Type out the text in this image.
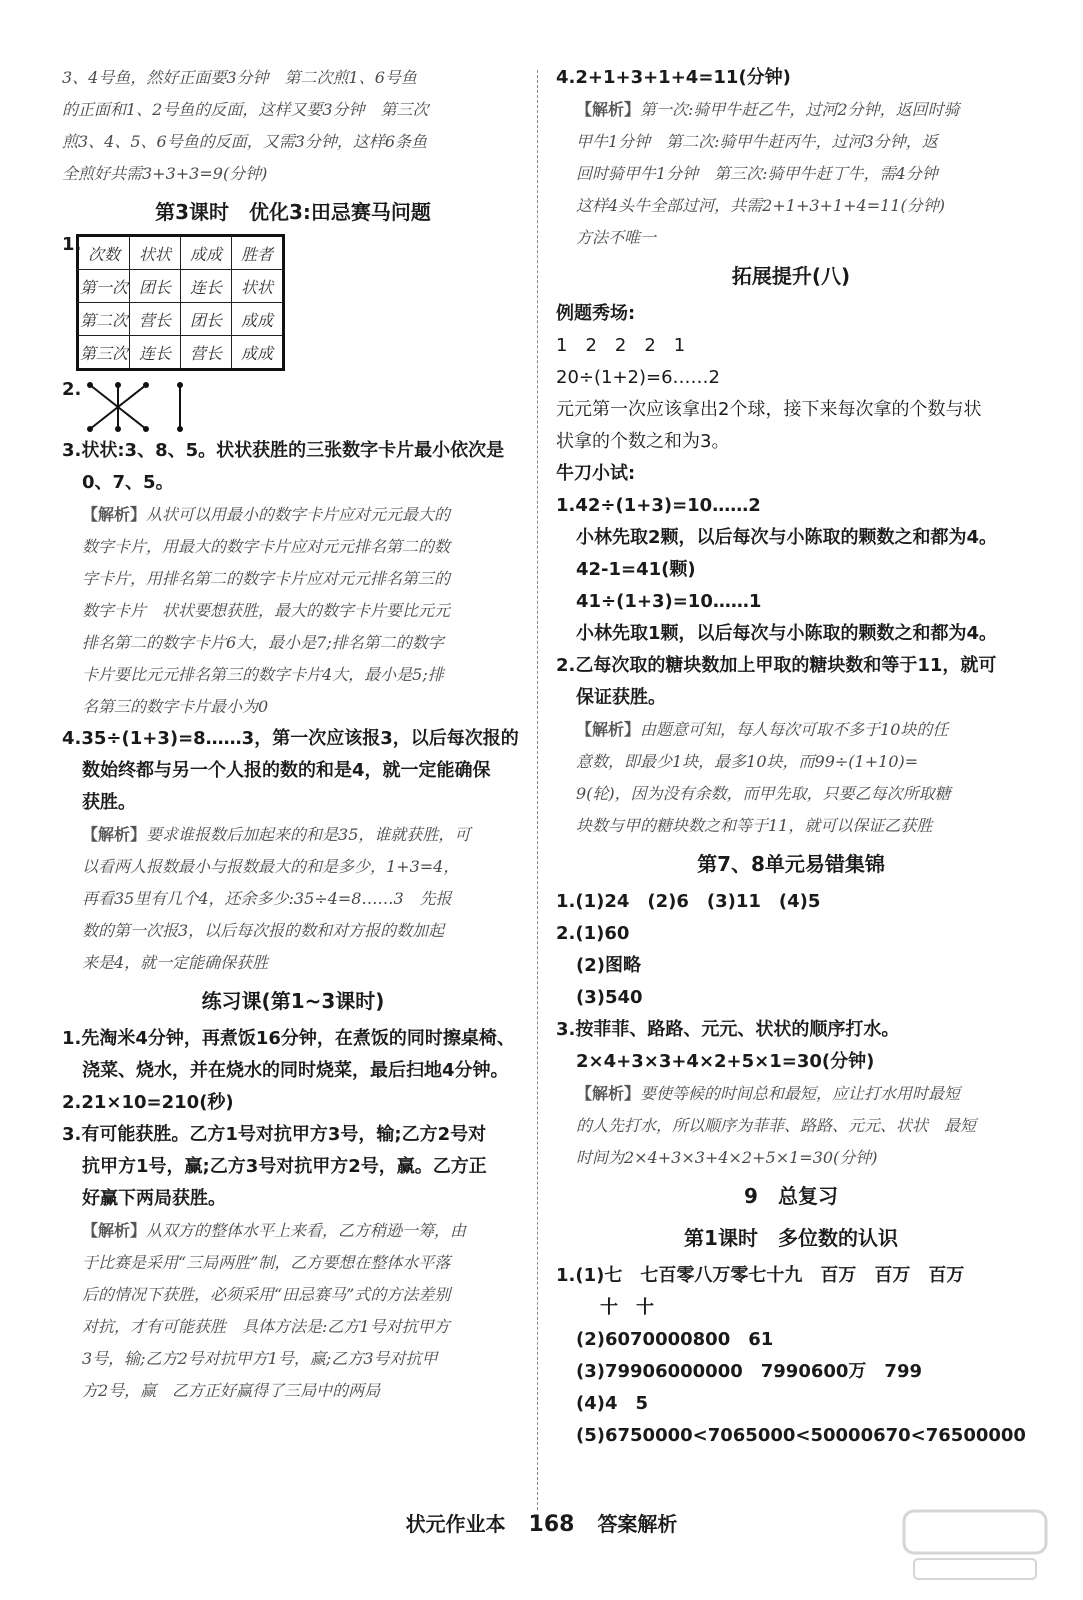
3、4号鱼，然好正面要3分钟　第二次煎1、6号鱼

的正面和1、2号鱼的反面，这样又要3分钟　第三次

煎3、4、5、6号鱼的反面，又需3分钟，这样6条鱼

全煎好共需3+3+3=9(分钟)

第3课时　优化3:田忌赛马问题
1. 次数	状状	成成	胜者
第一次	团长	连长	状状
第二次	营长	团长	成成
第三次	连长	营长	成成
2.

3.状状:3、8、5。状状获胜的三张数字卡片最小依次是

0、7、5。

【解析】从状可以用最小的数字卡片应对元元最大的

数字卡片，用最大的数字卡片应对元元排名第二的数

字卡片，用排名第二的数字卡片应对元元排名第三的

数字卡片　状状要想获胜，最大的数字卡片要比元元

排名第二的数字卡片6大，最小是7;排名第二的数字

卡片要比元元排名第三的数字卡片4大，最小是5;排

名第三的数字卡片最小为0

4.35÷(1+3)=8……3，第一次应该报3，以后每次报的

数始终都与另一个人报的数的和是4，就一定能确保

获胜。

【解析】要求谁报数后加起来的和是35，谁就获胜，可

以看两人报数最小与报数最大的和是多少，1+3=4，

再看35里有几个4，还余多少:35÷4=8……3　先报

数的第一次报3，以后每次报的数和对方报的数加起

来是4，就一定能确保获胜

练习课(第1~3课时)

1.先淘米4分钟，再煮饭16分钟，在煮饭的同时擦桌椅、

浇菜、烧水，并在烧水的同时烧菜，最后扫地4分钟。

2.21×10=210(秒)

3.有可能获胜。乙方1号对抗甲方3号，输;乙方2号对

抗甲方1号，赢;乙方3号对抗甲方2号，赢。乙方正

好赢下两局获胜。

【解析】从双方的整体水平上来看，乙方稍逊一筹，由

于比赛是采用“三局两胜”制，乙方要想在整体水平落

后的情况下获胜，必须采用“田忌赛马”式的方法差别

对抗，才有可能获胜　具体方法是:乙方1号对抗甲方

3号，输;乙方2号对抗甲方1号，赢;乙方3号对抗甲

方2号，赢　乙方正好赢得了三局中的两局

4.2+1+3+1+4=11(分钟)

【解析】第一次:骑甲牛赶乙牛，过河2分钟，返回时骑

甲牛1分钟　第二次:骑甲牛赶丙牛，过河3分钟，返

回时骑甲牛1分钟　第三次:骑甲牛赶丁牛，需4分钟

这样4头牛全部过河，共需2+1+3+1+4=11(分钟)

方法不唯一

拓展提升(八)

例题秀场:

1　2　2　2　1

20÷(1+2)=6……2

元元第一次应该拿出2个球，接下来每次拿的个数与状

状拿的个数之和为3。

牛刀小试:

1.42÷(1+3)=10……2

小林先取2颗，以后每次与小陈取的颗数之和都为4。

42-1=41(颗)

41÷(1+3)=10……1

小林先取1颗，以后每次与小陈取的颗数之和都为4。

2.乙每次取的糖块数加上甲取的糖块数和等于11，就可

保证获胜。

【解析】由题意可知，每人每次可取不多于10块的任

意数，即最少1块，最多10块，而99÷(1+10)=

9(轮)，因为没有余数，而甲先取，只要乙每次所取糖

块数与甲的糖块数之和等于11，就可以保证乙获胜

第7、8单元易错集锦

1.(1)24　(2)6　(3)11　(4)5

2.(1)60

(2)图略

(3)540

3.按菲菲、路路、元元、状状的顺序打水。

2×4+3×3+4×2+5×1=30(分钟)

【解析】要使等候的时间总和最短，应让打水用时最短

的人先打水，所以顺序为菲菲、路路、元元、状状　最短

时间为2×4+3×3+4×2+5×1=30(分钟)

9　总复习
第1课时　多位数的认识

1.(1)七　七百零八万零七十九　百万　百万　百万

十　十

(2)6070000800　61

(3)79906000000　7990600万　799

(4)4　5

(5)6750000<7065000<50000670<76500000

状元作业本 168 答案解析
